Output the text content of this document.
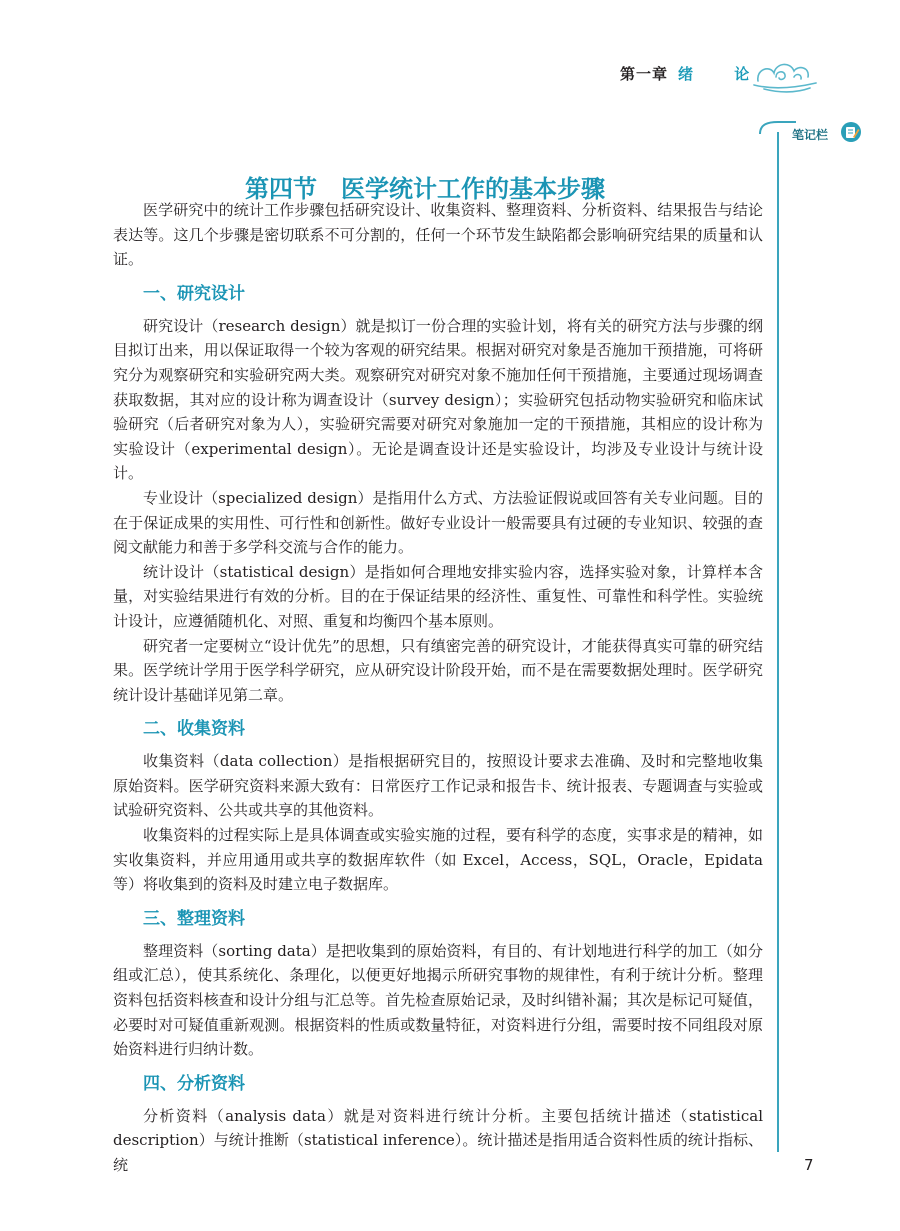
第一章 绪 论
笔记栏
第四节　医学统计工作的基本步骤

医学研究中的统计工作步骤包括研究设计、收集资料、整理资料、分析资料、结果报告与结论表达等。这几个步骤是密切联系不可分割的，任何一个环节发生缺陷都会影响研究结果的质量和认证。

一、研究设计

研究设计（research design）就是拟订一份合理的实验计划，将有关的研究方法与步骤的纲目拟订出来，用以保证取得一个较为客观的研究结果。根据对研究对象是否施加干预措施，可将研究分为观察研究和实验研究两大类。观察研究对研究对象不施加任何干预措施，主要通过现场调查获取数据，其对应的设计称为调查设计（survey design）；实验研究包括动物实验研究和临床试验研究（后者研究对象为人），实验研究需要对研究对象施加一定的干预措施，其相应的设计称为实验设计（experimental design）。无论是调查设计还是实验设计，均涉及专业设计与统计设计。

专业设计（specialized design）是指用什么方式、方法验证假说或回答有关专业问题。目的在于保证成果的实用性、可行性和创新性。做好专业设计一般需要具有过硬的专业知识、较强的查阅文献能力和善于多学科交流与合作的能力。

统计设计（statistical design）是指如何合理地安排实验内容，选择实验对象，计算样本含量，对实验结果进行有效的分析。目的在于保证结果的经济性、重复性、可靠性和科学性。实验统计设计，应遵循随机化、对照、重复和均衡四个基本原则。

研究者一定要树立“设计优先”的思想，只有缜密完善的研究设计，才能获得真实可靠的研究结果。医学统计学用于医学科学研究，应从研究设计阶段开始，而不是在需要数据处理时。医学研究统计设计基础详见第二章。

二、收集资料

收集资料（data collection）是指根据研究目的，按照设计要求去准确、及时和完整地收集原始资料。医学研究资料来源大致有：日常医疗工作记录和报告卡、统计报表、专题调查与实验或试验研究资料、公共或共享的其他资料。

收集资料的过程实际上是具体调查或实验实施的过程，要有科学的态度，实事求是的精神，如实收集资料，并应用通用或共享的数据库软件（如 Excel，Access，SQL，Oracle，Epidata 等）将收集到的资料及时建立电子数据库。

三、整理资料

整理资料（sorting data）是把收集到的原始资料，有目的、有计划地进行科学的加工（如分组或汇总），使其系统化、条理化，以便更好地揭示所研究事物的规律性，有利于统计分析。整理资料包括资料核查和设计分组与汇总等。首先检查原始记录，及时纠错补漏；其次是标记可疑值，必要时对可疑值重新观测。根据资料的性质或数量特征，对资料进行分组，需要时按不同组段对原始资料进行归纳计数。

四、分析资料

分析资料（analysis data）就是对资料进行统计分析。主要包括统计描述（statistical description）与统计推断（statistical inference）。统计描述是指用适合资料性质的统计指标、统	7
